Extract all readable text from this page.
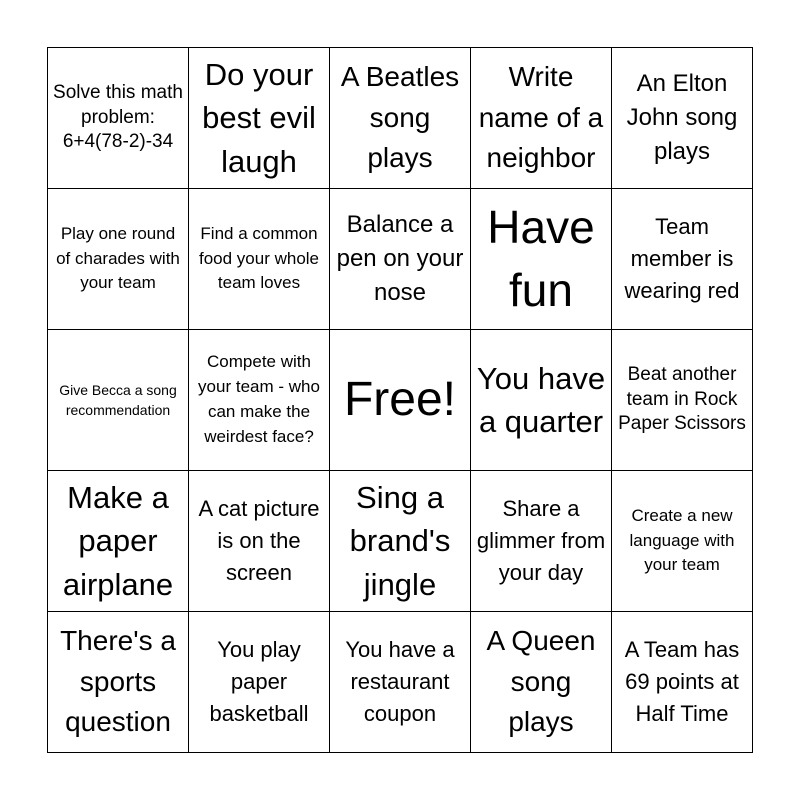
Solve this math problem: 6+4(78-2)-34
Do your best evil laugh
A Beatles song plays
Write name of a neighbor
An Elton John song plays
Play one round of charades with your team
Find a common food your whole team loves
Balance a pen on your nose
Have fun
Team member is wearing red
Give Becca a song recommendation
Compete with your team - who can make the weirdest face?
Free! You have a quarter
Beat another team in Rock Paper Scissors
Make a paper airplane
A cat picture is on the screen
Sing a brand's jingle
Share a glimmer from your day
Create a new language with your team
There's a sports question
You play paper basketball
You have a restaurant coupon
A Queen song plays
A Team has 69 points at Half Time
